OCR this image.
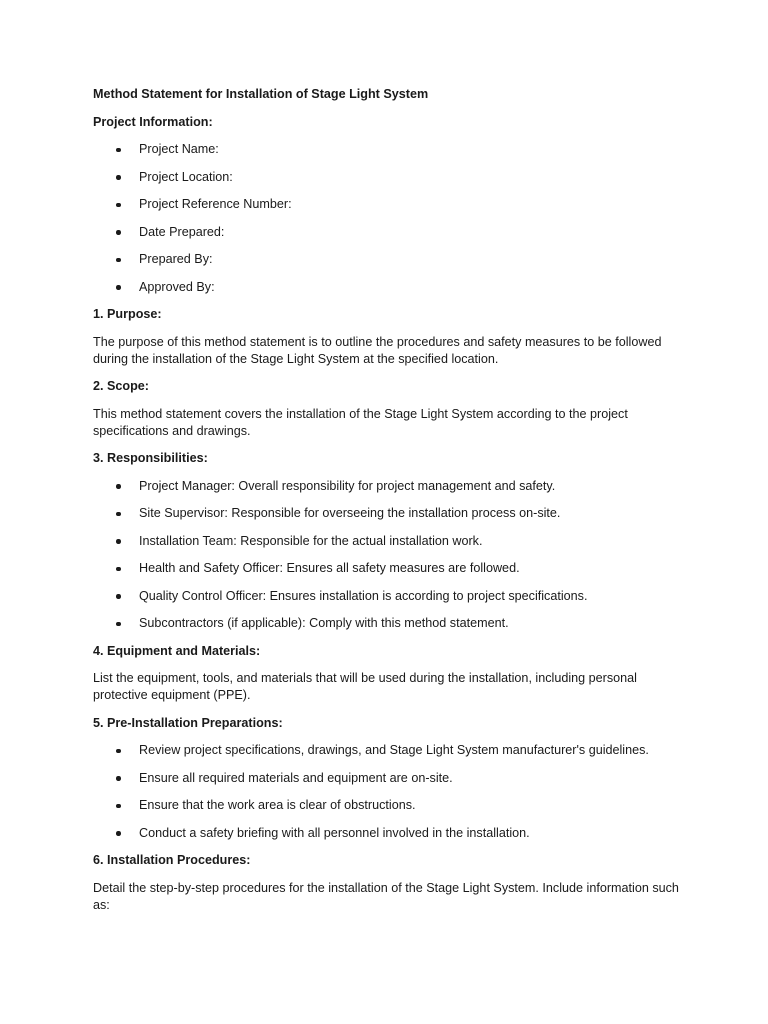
Method Statement for Installation of Stage Light System
Project Information:
Project Name:
Project Location:
Project Reference Number:
Date Prepared:
Prepared By:
Approved By:
1. Purpose:
The purpose of this method statement is to outline the procedures and safety measures to be followed during the installation of the Stage Light System at the specified location.
2. Scope:
This method statement covers the installation of the Stage Light System according to the project specifications and drawings.
3. Responsibilities:
Project Manager: Overall responsibility for project management and safety.
Site Supervisor: Responsible for overseeing the installation process on-site.
Installation Team: Responsible for the actual installation work.
Health and Safety Officer: Ensures all safety measures are followed.
Quality Control Officer: Ensures installation is according to project specifications.
Subcontractors (if applicable): Comply with this method statement.
4. Equipment and Materials:
List the equipment, tools, and materials that will be used during the installation, including personal protective equipment (PPE).
5. Pre-Installation Preparations:
Review project specifications, drawings, and Stage Light System manufacturer's guidelines.
Ensure all required materials and equipment are on-site.
Ensure that the work area is clear of obstructions.
Conduct a safety briefing with all personnel involved in the installation.
6. Installation Procedures:
Detail the step-by-step procedures for the installation of the Stage Light System. Include information such as:
